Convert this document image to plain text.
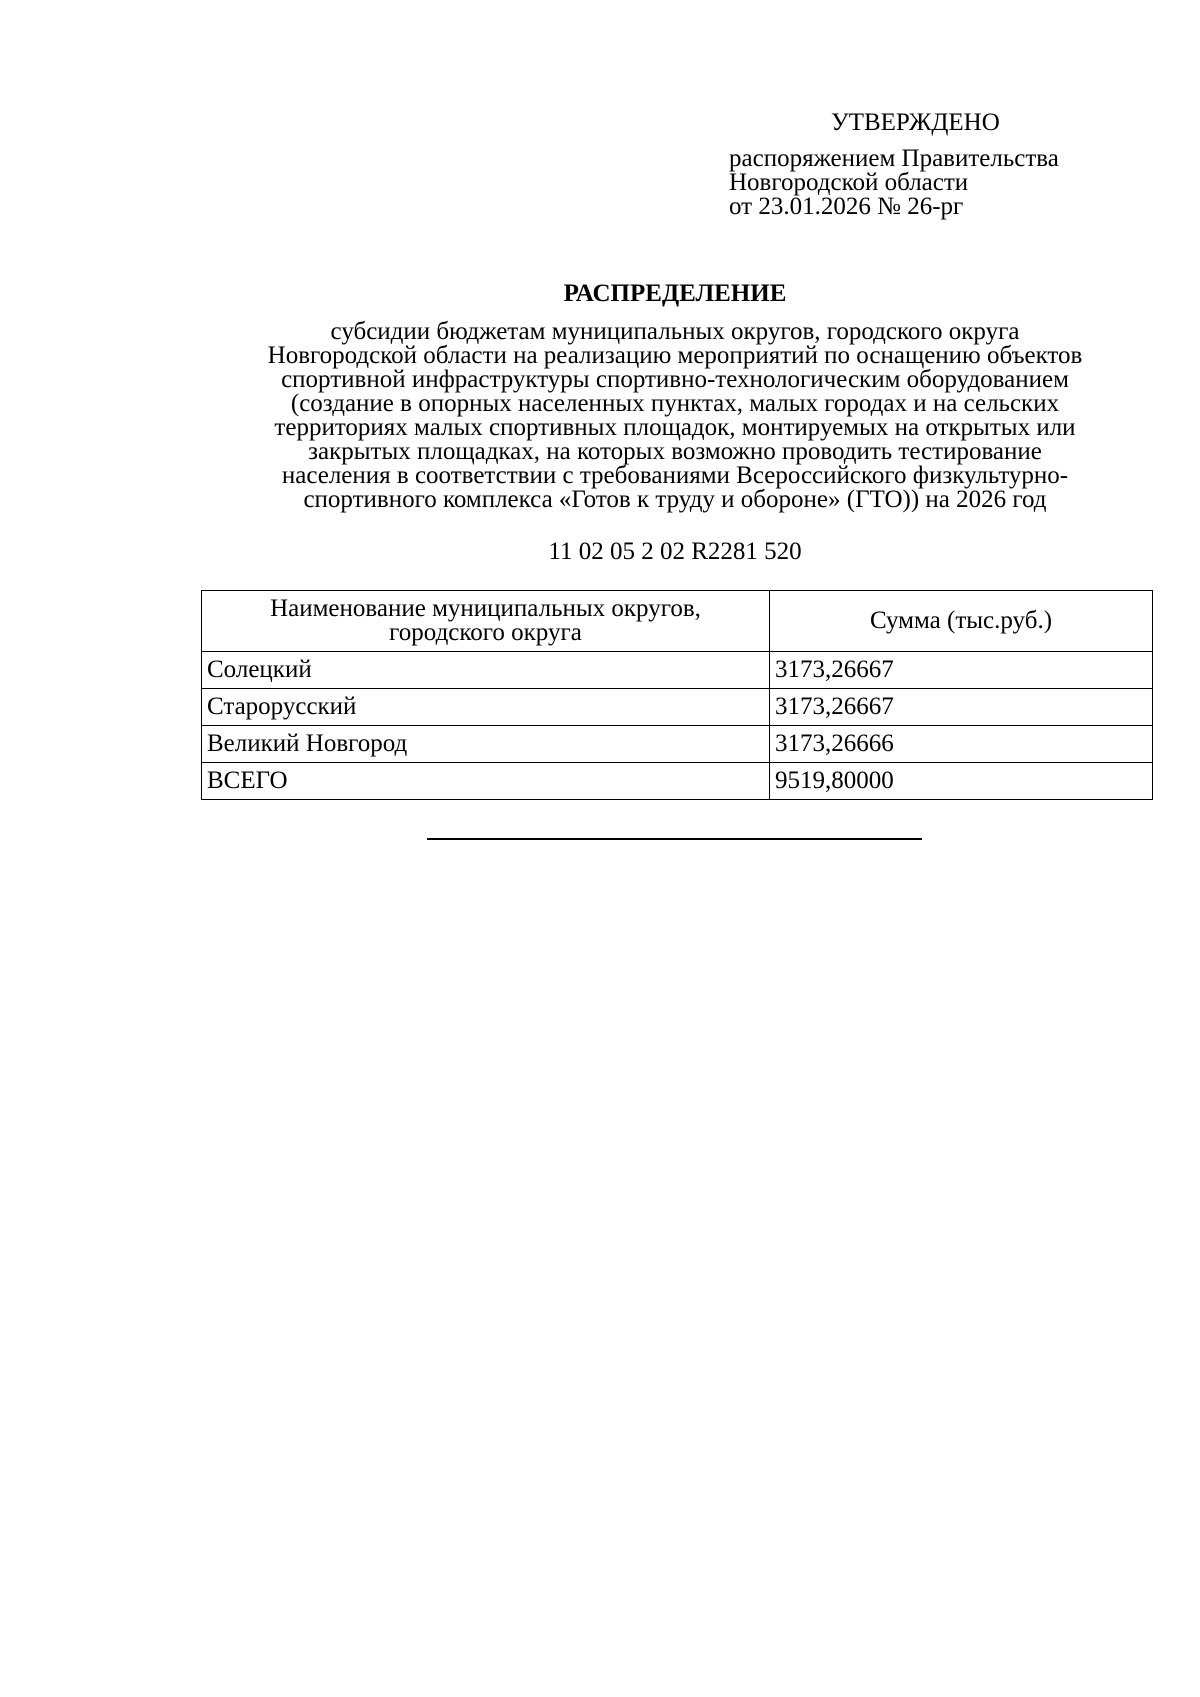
УТВЕРЖДЕНО
распоряжением Правительства
Новгородской области
от 23.01.2026 № 26-рг
РАСПРЕДЕЛЕНИЕ
субсидии бюджетам муниципальных округов, городского округа
Новгородской области на реализацию мероприятий по оснащению объектов
спортивной инфраструктуры спортивно-технологическим оборудованием
(создание в опорных населенных пунктах, малых городах и на сельских
территориях малых спортивных площадок, монтируемых на открытых или
закрытых площадках, на которых возможно проводить тестирование
населения в соответствии с требованиями Всероссийского физкультурно-
спортивного комплекса «Готов к труду и обороне» (ГТО)) на 2026 год
11 02 05 2 02 R2281 520
Наименование муниципальных округов,
городского округа	Сумма (тыс.руб.)
Солецкий	3173,26667
Старорусский	3173,26667
Великий Новгород	3173,26666
ВСЕГО	9519,80000
